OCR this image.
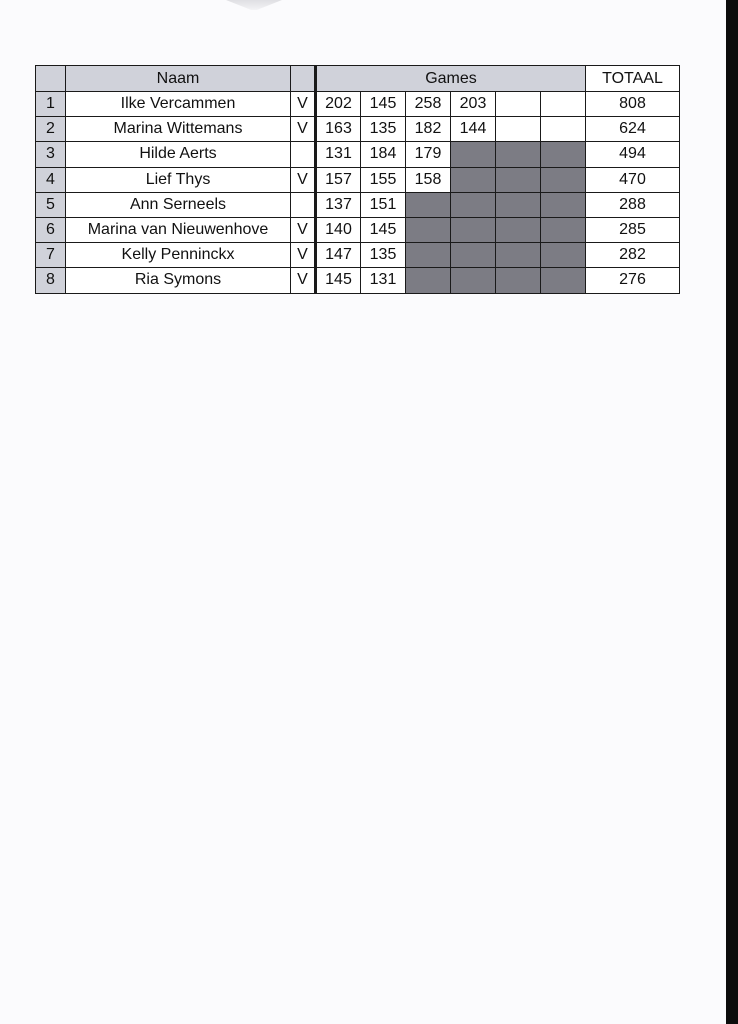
	Naam		Games						TOTAAL
1	Ilke Vercammen	V	202	145	258	203			808
2	Marina Wittemans	V	163	135	182	144			624
3	Hilde Aerts		131	184	179				494
4	Lief Thys	V	157	155	158				470
5	Ann Serneels		137	151					288
6	Marina van Nieuwenhove	V	140	145					285
7	Kelly Penninckx	V	147	135					282
8	Ria Symons	V	145	131					276
